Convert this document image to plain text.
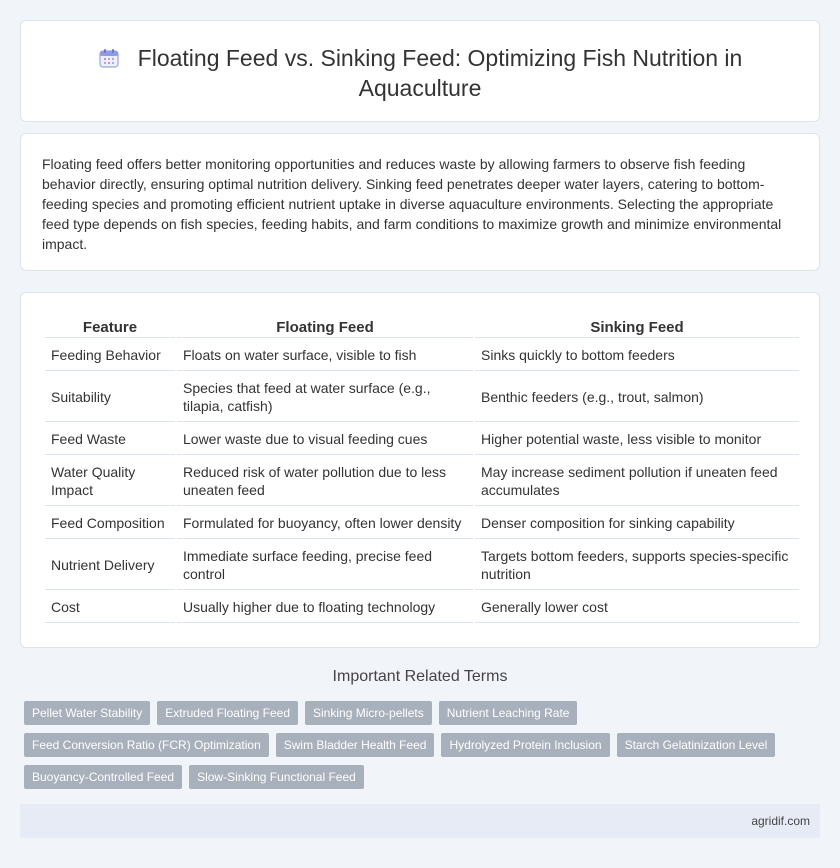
Floating Feed vs. Sinking Feed: Optimizing Fish Nutrition in Aquaculture

Floating feed offers better monitoring opportunities and reduces waste by allowing farmers to observe fish feeding behavior directly, ensuring optimal nutrition delivery. Sinking feed penetrates deeper water layers, catering to bottom-feeding species and promoting efficient nutrient uptake in diverse aquaculture environments. Selecting the appropriate feed type depends on fish species, feeding habits, and farm conditions to maximize growth and minimize environmental impact.

Feature	Floating Feed	Sinking Feed
Feeding Behavior	Floats on water surface, visible to fish	Sinks quickly to bottom feeders
Suitability	Species that feed at water surface (e.g., tilapia, catfish)	Benthic feeders (e.g., trout, salmon)
Feed Waste	Lower waste due to visual feeding cues	Higher potential waste, less visible to monitor
Water Quality Impact	Reduced risk of water pollution due to less uneaten feed	May increase sediment pollution if uneaten feed accumulates
Feed Composition	Formulated for buoyancy, often lower density	Denser composition for sinking capability
Nutrient Delivery	Immediate surface feeding, precise feed control	Targets bottom feeders, supports species-specific nutrition
Cost	Usually higher due to floating technology	Generally lower cost
Important Related Terms
Pellet Water Stability	Extruded Floating Feed	Sinking Micro-pellets	Nutrient Leaching Rate
Feed Conversion Ratio (FCR) Optimization	Swim Bladder Health Feed	Hydrolyzed Protein Inclusion	Starch Gelatinization Level
Buoyancy-Controlled Feed	Slow-Sinking Functional Feed
agridif.com
